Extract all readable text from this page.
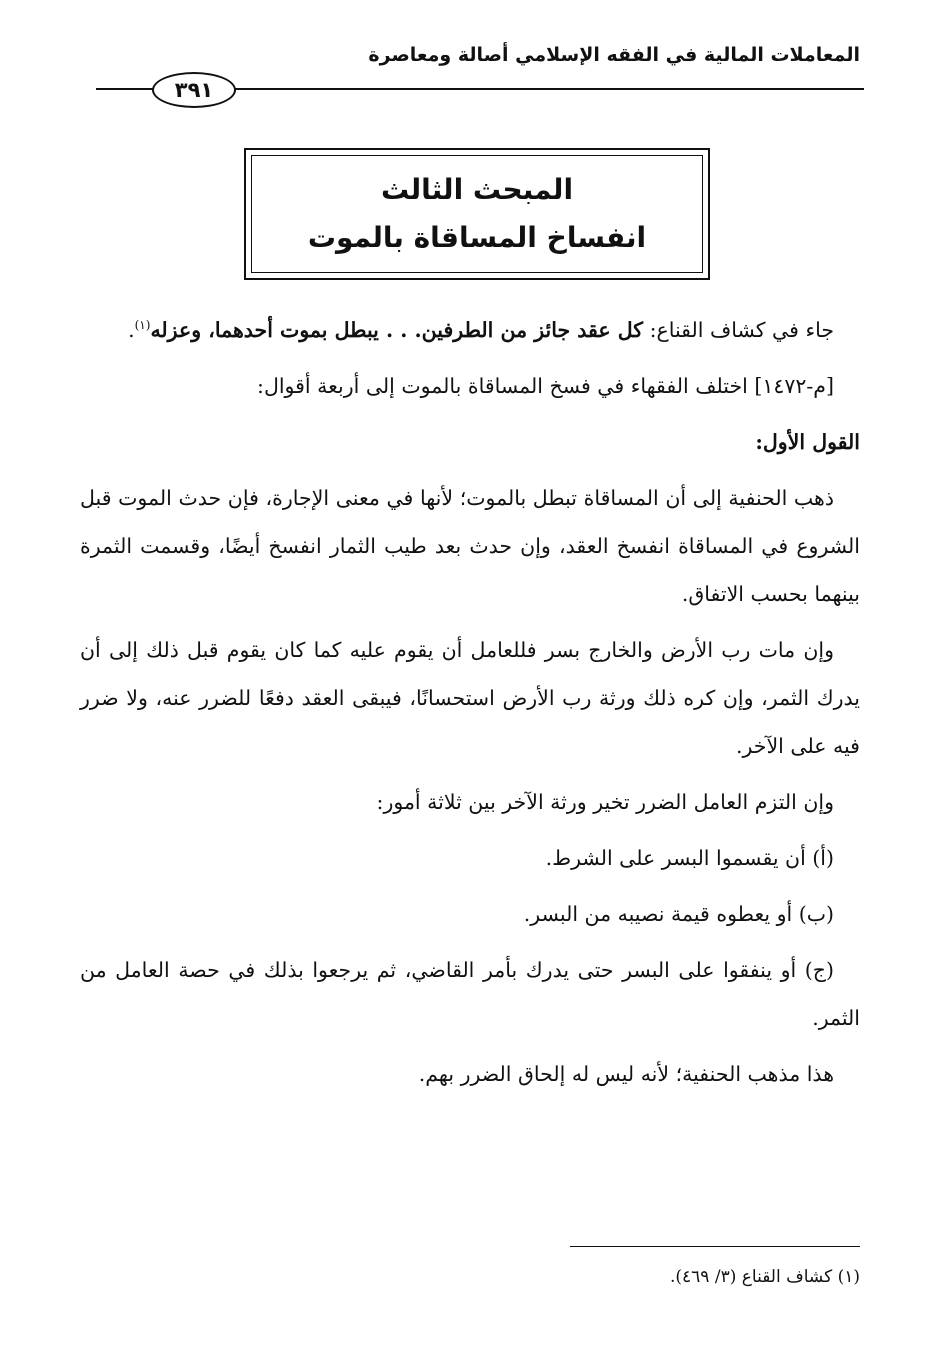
المعاملات المالية في الفقه الإسلامي أصالة ومعاصرة
٣٩١
المبحث الثالث
انفساخ المساقاة بالموت

جاء في كشاف القناع: كل عقد جائز من الطرفين. . . يبطل بموت أحدهما، وعزله$^{(١)}$.

[م-١٤٧٢] اختلف الفقهاء في فسخ المساقاة بالموت إلى أربعة أقوال:

القول الأول:

ذهب الحنفية إلى أن المساقاة تبطل بالموت؛ لأنها في معنى الإجارة، فإن حدث الموت قبل الشروع في المساقاة انفسخ العقد، وإن حدث بعد طيب الثمار انفسخ أيضًا، وقسمت الثمرة بينهما بحسب الاتفاق.

وإن مات رب الأرض والخارج بسر فللعامل أن يقوم عليه كما كان يقوم قبل ذلك إلى أن يدرك الثمر، وإن كره ذلك ورثة رب الأرض استحسانًا، فيبقى العقد دفعًا للضرر عنه، ولا ضرر فيه على الآخر.

وإن التزم العامل الضرر تخير ورثة الآخر بين ثلاثة أمور:

(أ) أن يقسموا البسر على الشرط.

(ب) أو يعطوه قيمة نصيبه من البسر.

(ج) أو ينفقوا على البسر حتى يدرك بأمر القاضي، ثم يرجعوا بذلك في حصة العامل من الثمر.

هذا مذهب الحنفية؛ لأنه ليس له إلحاق الضرر بهم.

(١) كشاف القناع (٣/ ٤٦٩).
